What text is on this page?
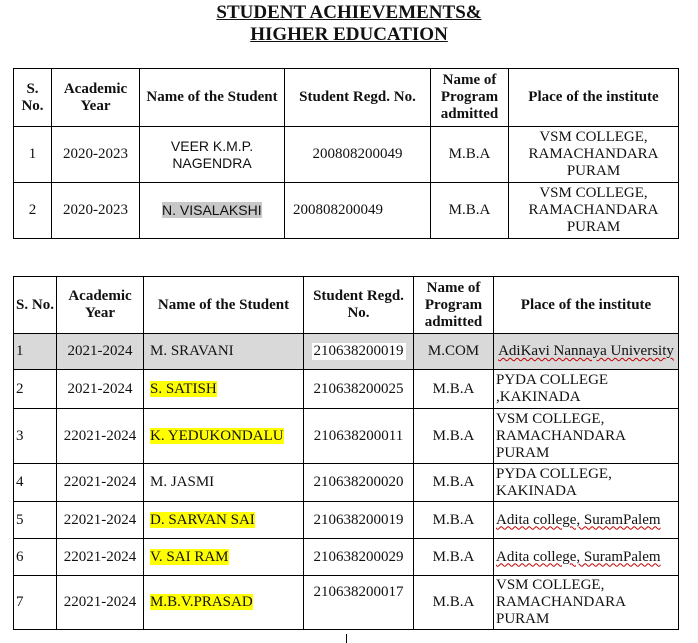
STUDENT ACHIEVEMENTS&
HIGHER EDUCATION
S. No.	Academic Year	Name of the Student	Student Regd. No.	Name of Program admitted	Place of the institute
1	2020-2023	VEER K.M.P. NAGENDRA	200808200049	M.B.A	VSM COLLEGE, RAMACHANDARA PURAM
2	2020-2023	N. VISALAKSHI	200808200049	M.B.A	VSM COLLEGE, RAMACHANDARA PURAM
S. No.	Academic Year	Name of the Student	Student Regd. No.	Name of Program admitted	Place of the institute
1	2021-2024	M. SRAVANI	210638200019	M.COM	AdiKavi Nannaya University
2	2021-2024	S. SATISH	210638200025	M.B.A	PYDA COLLEGE ,KAKINADA
3	22021-2024	K. YEDUKONDALU	210638200011	M.B.A	VSM COLLEGE, RAMACHANDARA PURAM
4	22021-2024	M. JASMI	210638200020	M.B.A	PYDA COLLEGE, KAKINADA
5	22021-2024	D. SARVAN SAI	210638200019	M.B.A	Adita college, SuramPalem
6	22021-2024	V. SAI RAM	210638200029	M.B.A	Adita college, SuramPalem
7	22021-2024	M.B.V.PRASAD	210638200017	M.B.A	VSM COLLEGE, RAMACHANDARA PURAM
